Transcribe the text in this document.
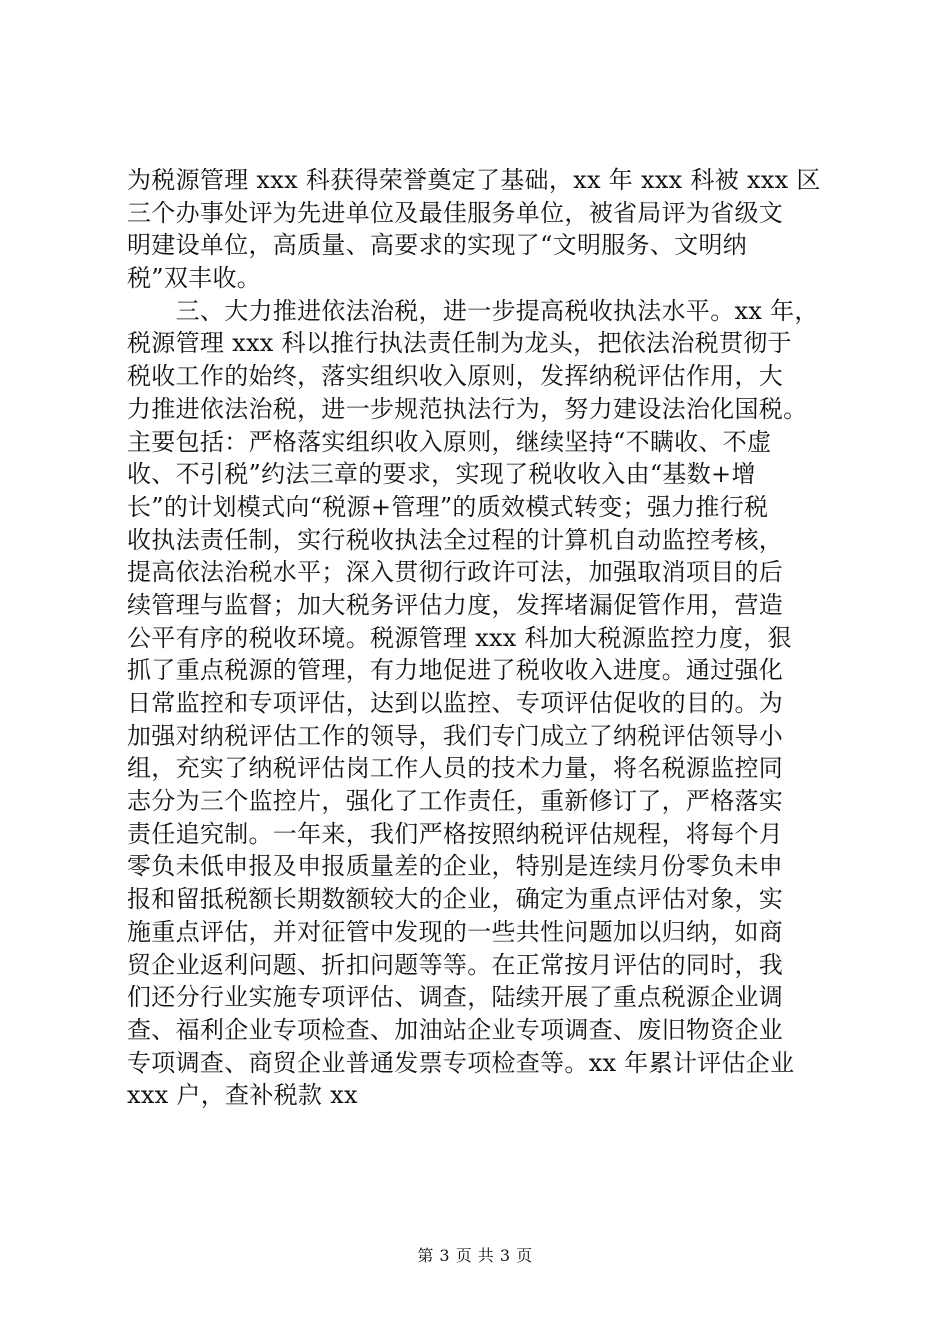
为税源管理 xxx 科获得荣誉奠定了基础，xx 年 xxx 科被 xxx 区
三个办事处评为先进单位及最佳服务单位，被省局评为省级文
明建设单位，高质量、高要求的实现了“文明服务、文明纳
税”双丰收。
　　三、大力推进依法治税，进一步提高税收执法水平。xx 年，
税源管理 xxx 科以推行执法责任制为龙头，把依法治税贯彻于
税收工作的始终，落实组织收入原则，发挥纳税评估作用，大
力推进依法治税，进一步规范执法行为，努力建设法治化国税。
主要包括：严格落实组织收入原则，继续坚持“不瞒收、不虚
收、不引税”约法三章的要求，实现了税收收入由“基数+增
长”的计划模式向“税源+管理”的质效模式转变；强力推行税
收执法责任制，实行税收执法全过程的计算机自动监控考核，
提高依法治税水平；深入贯彻行政许可法，加强取消项目的后
续管理与监督；加大税务评估力度，发挥堵漏促管作用，营造
公平有序的税收环境。税源管理 xxx 科加大税源监控力度，狠
抓了重点税源的管理，有力地促进了税收收入进度。通过强化
日常监控和专项评估，达到以监控、专项评估促收的目的。为
加强对纳税评估工作的领导，我们专门成立了纳税评估领导小
组，充实了纳税评估岗工作人员的技术力量，将名税源监控同
志分为三个监控片，强化了工作责任，重新修订了，严格落实
责任追究制。一年来，我们严格按照纳税评估规程，将每个月
零负未低申报及申报质量差的企业，特别是连续月份零负未申
报和留抵税额长期数额较大的企业，确定为重点评估对象，实
施重点评估，并对征管中发现的一些共性问题加以归纳，如商
贸企业返利问题、折扣问题等等。在正常按月评估的同时，我
们还分行业实施专项评估、调查，陆续开展了重点税源企业调
查、福利企业专项检查、加油站企业专项调查、废旧物资企业
专项调查、商贸企业普通发票专项检查等。xx 年累计评估企业
xxx 户，查补税款 xx
第 3 页 共 3 页
